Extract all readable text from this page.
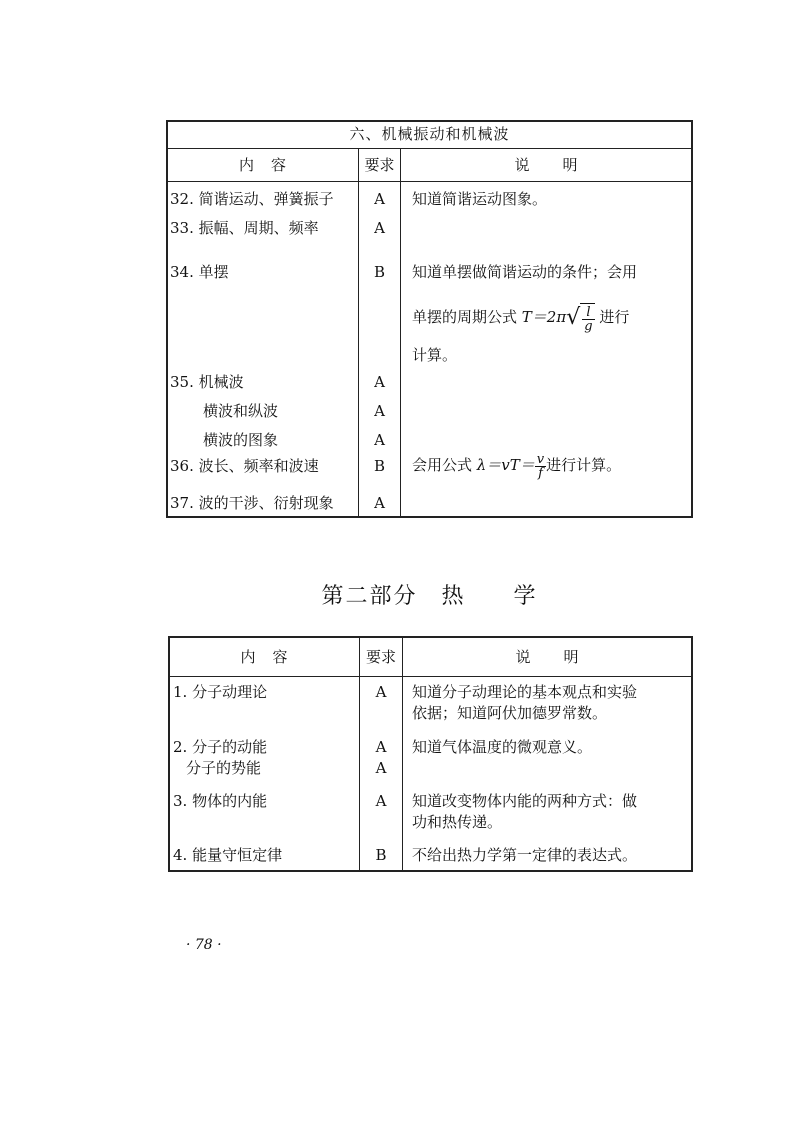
六、机械振动和机械波
内　容	要求	说　　明
32. 简谐运动、弹簧振子	A	知道简谐运动图象。
33. 振幅、周期、频率	A
34. 单摆	B	知道单摆做简谐运动的条件；会用
单摆的周期公式 $T=2\pi√ \frac{l}{g}$ 进行
计算。
35. 机械波	A
横波和纵波	A
横波的图象	A
36. 波长、频率和波速	B	会用公式 $\lambda=vT= \frac{v}{f}$ 进行计算。
37. 波的干涉、衍射现象	A
第二部分　热　　学
内　容	要求	说　　明
1. 分子动理论	A	知道分子动理论的基本观点和实验
依据；知道阿伏加德罗常数。
2. 分子的动能	A	知道气体温度的微观意义。
分子的势能	A
3. 物体的内能	A	知道改变物体内能的两种方式：做
功和热传递。
4. 能量守恒定律	B	不给出热力学第一定律的表达式。
· 78 ·
